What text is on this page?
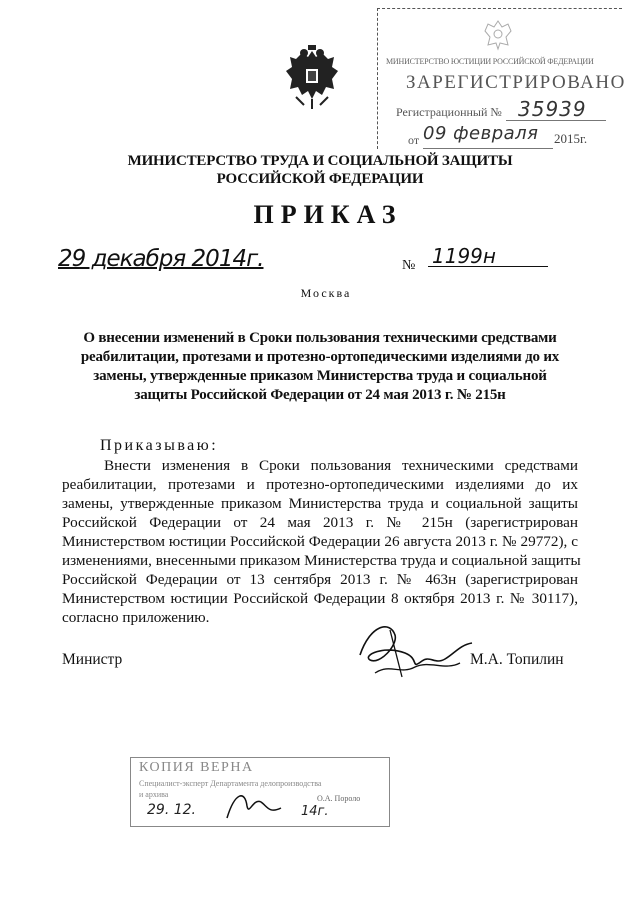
МИНИСТЕРСТВО ЮСТИЦИИ РОССИЙСКОЙ ФЕДЕРАЦИИ
ЗАРЕГИСТРИРОВАНО
Регистрационный № 35939
от 09 февраля 2015г.
МИНИСТЕРСТВО ТРУДА И СОЦИАЛЬНОЙ ЗАЩИТЫ
РОССИЙСКОЙ ФЕДЕРАЦИИ
ПРИКАЗ
29 декабря 2014г.	№ 1199н
Москва
О внесении изменений в Сроки пользования техническими средствами
реабилитации, протезами и протезно-ортопедическими изделиями до их
замены, утвержденные приказом Министерства труда и социальной
защиты Российской Федерации от 24 мая 2013 г. № 215н
Приказываю:
Внести изменения в Сроки пользования техническими средствами
реабилитации, протезами и протезно-ортопедическими изделиями до их
замены, утвержденные приказом Министерства труда и социальной защиты
Российской Федерации от 24 мая 2013 г. № 215н (зарегистрирован
Министерством юстиции Российской Федерации 26 августа 2013 г. № 29772), с
изменениями, внесенными приказом Министерства труда и социальной защиты
Российской Федерации от 13 сентября 2013 г. № 463н (зарегистрирован
Министерством юстиции Российской Федерации 8 октября 2013 г. № 30117),
согласно приложению.
Министр	М.А. Топилин
КОПИЯ ВЕРНА
Специалист-эксперт Департамента делопроизводства
и архива	О.А. Пороло
29. 12.	14г.
